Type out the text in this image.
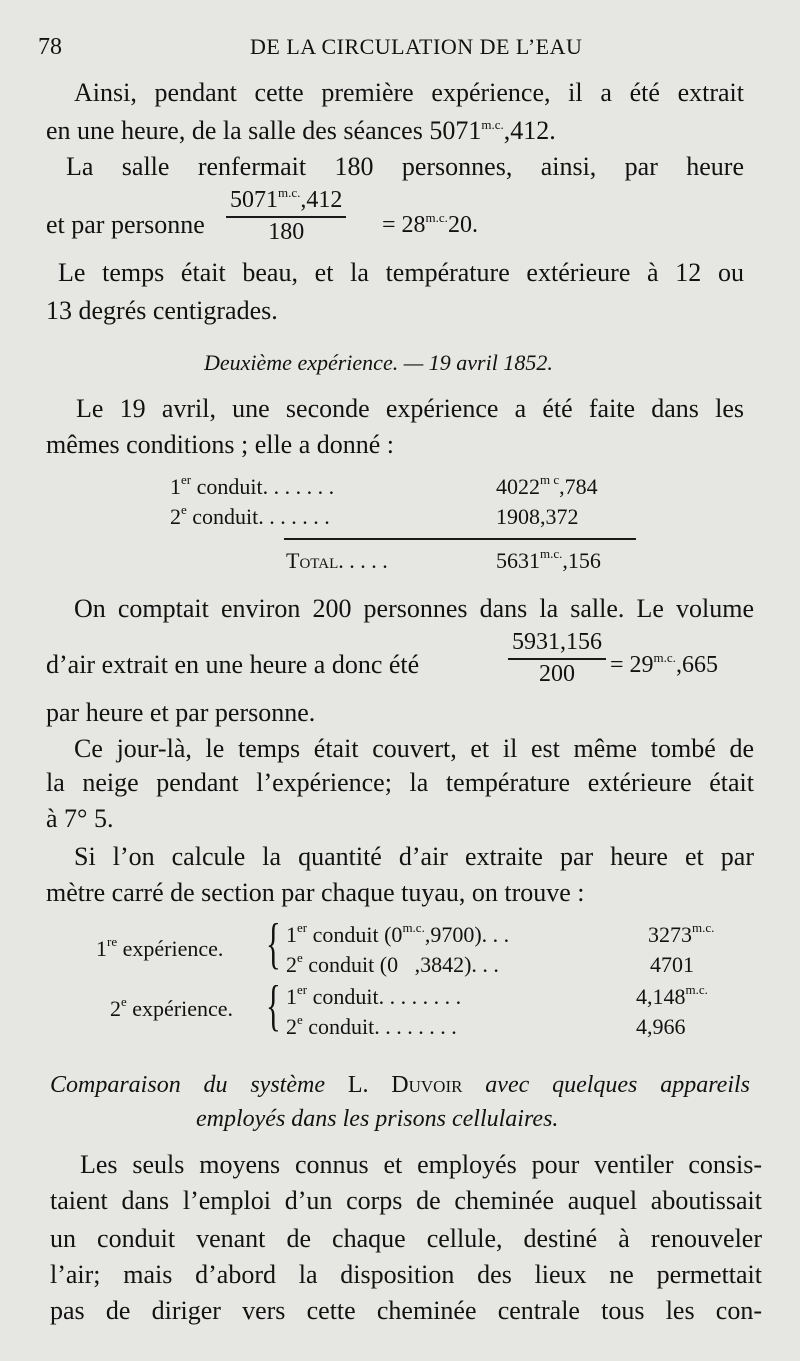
78	DE LA CIRCULATION DE L’EAU
Ainsi, pendant cette première expérience, il a été extrait
en une heure, de la salle des séances $5071^{m.c.},412$.
La salle renfermait 180 personnes, ainsi, par heure
et par personne $\frac{5071^{m.c.},412}{180} = 28^{m.c.}20$.
Le temps était beau, et la température extérieure à 12 ou
13 degrés centigrades.
Deuxième expérience. — 19 avril 1852.
Le 19 avril, une seconde expérience a été faite dans les
mêmes conditions ; elle a donné :
1er conduit. . . . . . .	$4022^{m c},784$
2e conduit. . . . . . .	1908,372
Total. . . . .	$5631^{m.c.},156$
On comptait environ 200 personnes dans la salle. Le volume
$\frac{5931,156}{200}$
d’air extrait en une heure a donc été	= $29^{m.c.},665$
par heure et par personne.
Ce jour-là, le temps était couvert, et il est même tombé de
la neige pendant l’expérience; la température extérieure était
à 7° 5.
Si l’on calcule la quantité d’air extraite par heure et par
mètre carré de section par chaque tuyau, on trouve :
1re expérience. { 1er conduit $(0^{m.c.},9700)$. . .	$3273^{m.c.}$
2e conduit (0   ,3842). . .	4701
2e expérience. { 1er conduit. . . . . . . .	$4,148^{m.c.}$
2e conduit. . . . . . . .	4,966
Comparaison du système L. Duvoir avec quelques appareils
employés dans les prisons cellulaires.
Les seuls moyens connus et employés pour ventiler consis-
taient dans l’emploi d’un corps de cheminée auquel aboutissait
un conduit venant de chaque cellule, destiné à renouveler
l’air; mais d’abord la disposition des lieux ne permettait
pas de diriger vers cette cheminée centrale tous les con-
